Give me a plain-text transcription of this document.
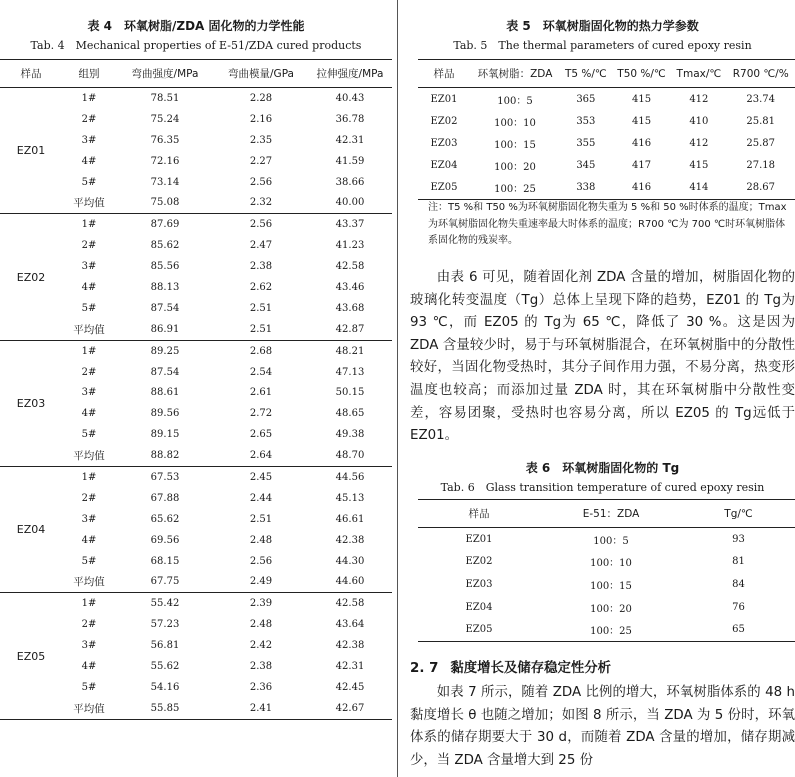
表 4　环氧树脂/ZDA 固化物的力学性能
Tab. 4　Mechanical properties of E-51/ZDA cured products
样品	组别	弯曲强度/MPa	弯曲模量/GPa	拉伸强度/MPa
EZ01	1#	78.51	2.28	40.43
	2#	75.24	2.16	36.78
	3#	76.35	2.35	42.31
	4#	72.16	2.27	41.59
	5#	73.14	2.56	38.66
	平均值	75.08	2.32	40.00
EZ02	1#	87.69	2.56	43.37
	2#	85.62	2.47	41.23
	3#	85.56	2.38	42.58
	4#	88.13	2.62	43.46
	5#	87.54	2.51	43.68
	平均值	86.91	2.51	42.87
EZ03	1#	89.25	2.68	48.21
	2#	87.54	2.54	47.13
	3#	88.61	2.61	50.15
	4#	89.56	2.72	48.65
	5#	89.15	2.65	49.38
	平均值	88.82	2.64	48.70
EZ04	1#	67.53	2.45	44.56
	2#	67.88	2.44	45.13
	3#	65.62	2.51	46.61
	4#	69.56	2.48	42.38
	5#	68.15	2.56	44.30
	平均值	67.75	2.49	44.60
EZ05	1#	55.42	2.39	42.58
	2#	57.23	2.48	43.64
	3#	56.81	2.42	42.38
	4#	55.62	2.38	42.31
	5#	54.16	2.36	42.45
	平均值	55.85	2.41	42.67
表 5　环氧树脂固化物的热力学参数
Tab. 5　The thermal parameters of cured epoxy resin
样品	环氧树脂：ZDA	T5 %/℃	T50 %/℃	Tmax/℃	R700 ℃/%
EZ01	100：5	365	415	412	23.74
EZ02	100：10	353	415	410	25.81
EZ03	100：15	355	416	412	25.87
EZ04	100：20	345	417	415	27.18
EZ05	100：25	338	416	414	28.67
注：T5 %和 T50 %为环氧树脂固化物失重为 5 %和 50 %时体系的温度；Tmax为环氧树脂固化物失重速率最大时体系的温度；R700 ℃为 700 ℃时环氧树脂体系固化物的残炭率。

由表 6 可见，随着固化剂 ZDA 含量的增加，树脂固化物的玻璃化转变温度（Tg）总体上呈现下降的趋势，EZ01 的 Tg为 93 ℃，而 EZ05 的 Tg为 65 ℃，降低了 30 %。这是因为 ZDA 含量较少时，易于与环氧树脂混合，在环氧树脂中的分散性较好，当固化物受热时，其分子间作用力强，不易分离，热变形温度也较高；而添加过量 ZDA 时，其在环氧树脂中分散性变差，容易团聚，受热时也容易分离，所以 EZ05 的 Tg远低于 EZ01。

表 6　环氧树脂固化物的 Tg
Tab. 6　Glass transition temperature of cured epoxy resin
样品	E-51：ZDA	Tg/℃
EZ01	100：5	93
EZ02	100：10	81
EZ03	100：15	84
EZ04	100：20	76
EZ05	100：25	65
2. 7 黏度增长及储存稳定性分析

如表 7 所示，随着 ZDA 比例的增大，环氧树脂体系的 48 h 黏度增长 θ 也随之增加；如图 8 所示，当 ZDA 为 5 份时，环氧体系的储存期要大于 30 d，而随着 ZDA 含量的增加，储存期减少，当 ZDA 含量增大到 25 份
